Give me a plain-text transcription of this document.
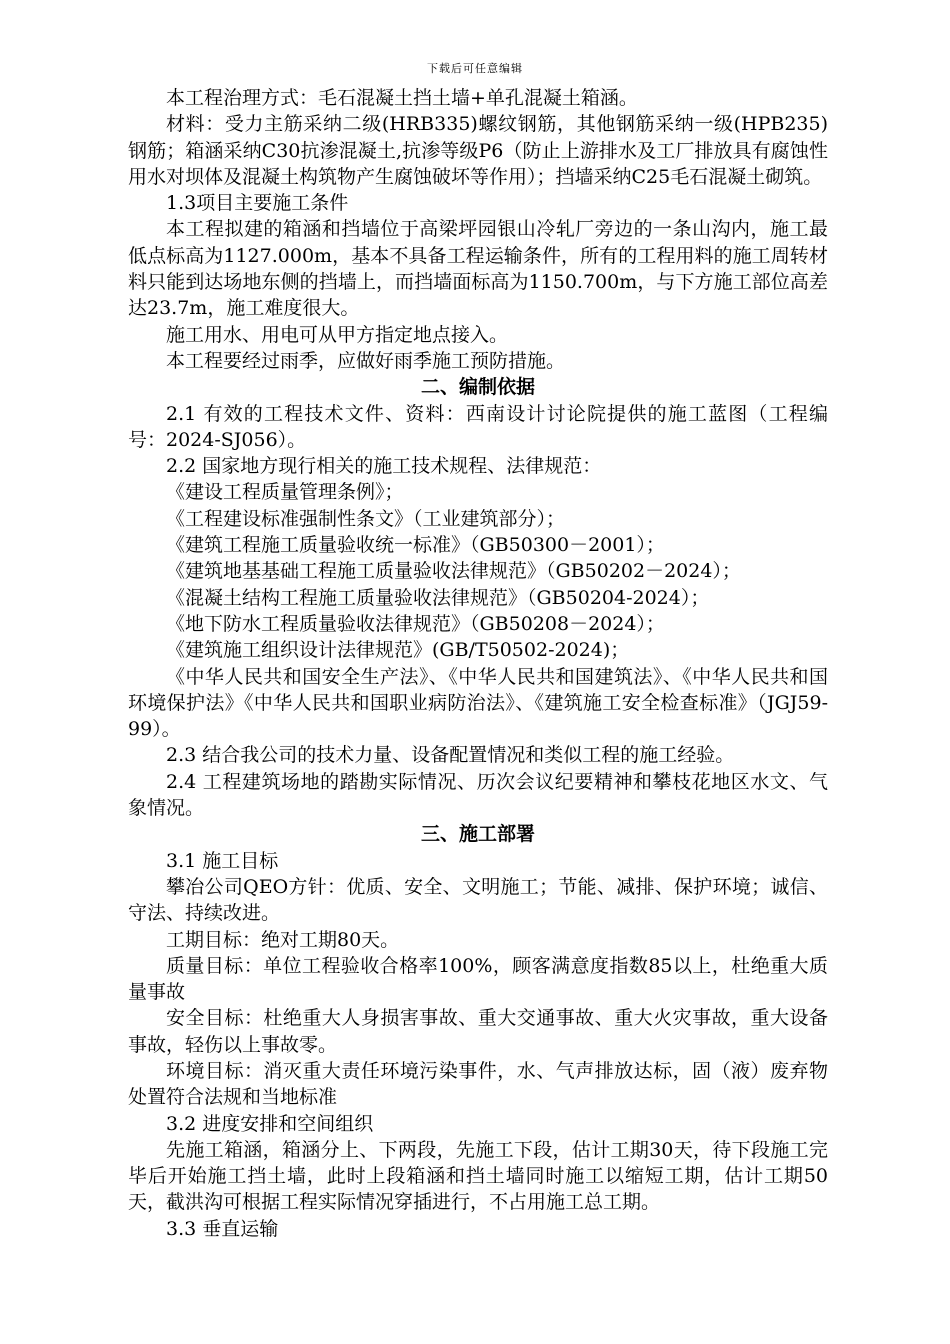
下载后可任意编辑

本工程治理方式：毛石混凝土挡土墙+单孔混凝土箱涵。

材料：受力主筋采纳二级(HRB335)螺纹钢筋，其他钢筋采纳一级(HPB235)钢筋；箱涵采纳C30抗渗混凝土,抗渗等级P6（防止上游排水及工厂排放具有腐蚀性用水对坝体及混凝土构筑物产生腐蚀破坏等作用）；挡墙采纳C25毛石混凝土砌筑。

1.3项目主要施工条件

本工程拟建的箱涵和挡墙位于高梁坪园银山冷轧厂旁边的一条山沟内，施工最低点标高为1127.000m，基本不具备工程运输条件，所有的工程用料的施工周转材料只能到达场地东侧的挡墙上，而挡墙面标高为1150.700m，与下方施工部位高差达23.7m，施工难度很大。

施工用水、用电可从甲方指定地点接入。

本工程要经过雨季，应做好雨季施工预防措施。

二、编制依据

2.1 有效的工程技术文件、资料：西南设计讨论院提供的施工蓝图（工程编号：2024-SJ056）。

2.2 国家地方现行相关的施工技术规程、法律规范：

《建设工程质量管理条例》；

《工程建设标准强制性条文》（工业建筑部分）；

《建筑工程施工质量验收统一标准》（GB50300－2001）；

《建筑地基基础工程施工质量验收法律规范》（GB50202－2024）；

《混凝土结构工程施工质量验收法律规范》（GB50204-2024）；

《地下防水工程质量验收法律规范》（GB50208－2024）；

《建筑施工组织设计法律规范》(GB/T50502-2024)；

《中华人民共和国安全生产法》、《中华人民共和国建筑法》、《中华人民共和国环境保护法》《中华人民共和国职业病防治法》、《建筑施工安全检查标准》（JGJ59-99）。

2.3 结合我公司的技术力量、设备配置情况和类似工程的施工经验。

2.4 工程建筑场地的踏勘实际情况、历次会议纪要精神和攀枝花地区水文、气象情况。

三、施工部署

3.1 施工目标

攀冶公司QEO方针：优质、安全、文明施工；节能、减排、保护环境；诚信、守法、持续改进。

工期目标：绝对工期80天。

质量目标：单位工程验收合格率100%，顾客满意度指数85以上，杜绝重大质量事故

安全目标：杜绝重大人身损害事故、重大交通事故、重大火灾事故，重大设备事故，轻伤以上事故零。

环境目标：消灭重大责任环境污染事件，水、气声排放达标，固（液）废弃物处置符合法规和当地标准

3.2 进度安排和空间组织

先施工箱涵，箱涵分上、下两段，先施工下段，估计工期30天，待下段施工完毕后开始施工挡土墙，此时上段箱涵和挡土墙同时施工以缩短工期，估计工期50天，截洪沟可根据工程实际情况穿插进行，不占用施工总工期。

3.3 垂直运输
